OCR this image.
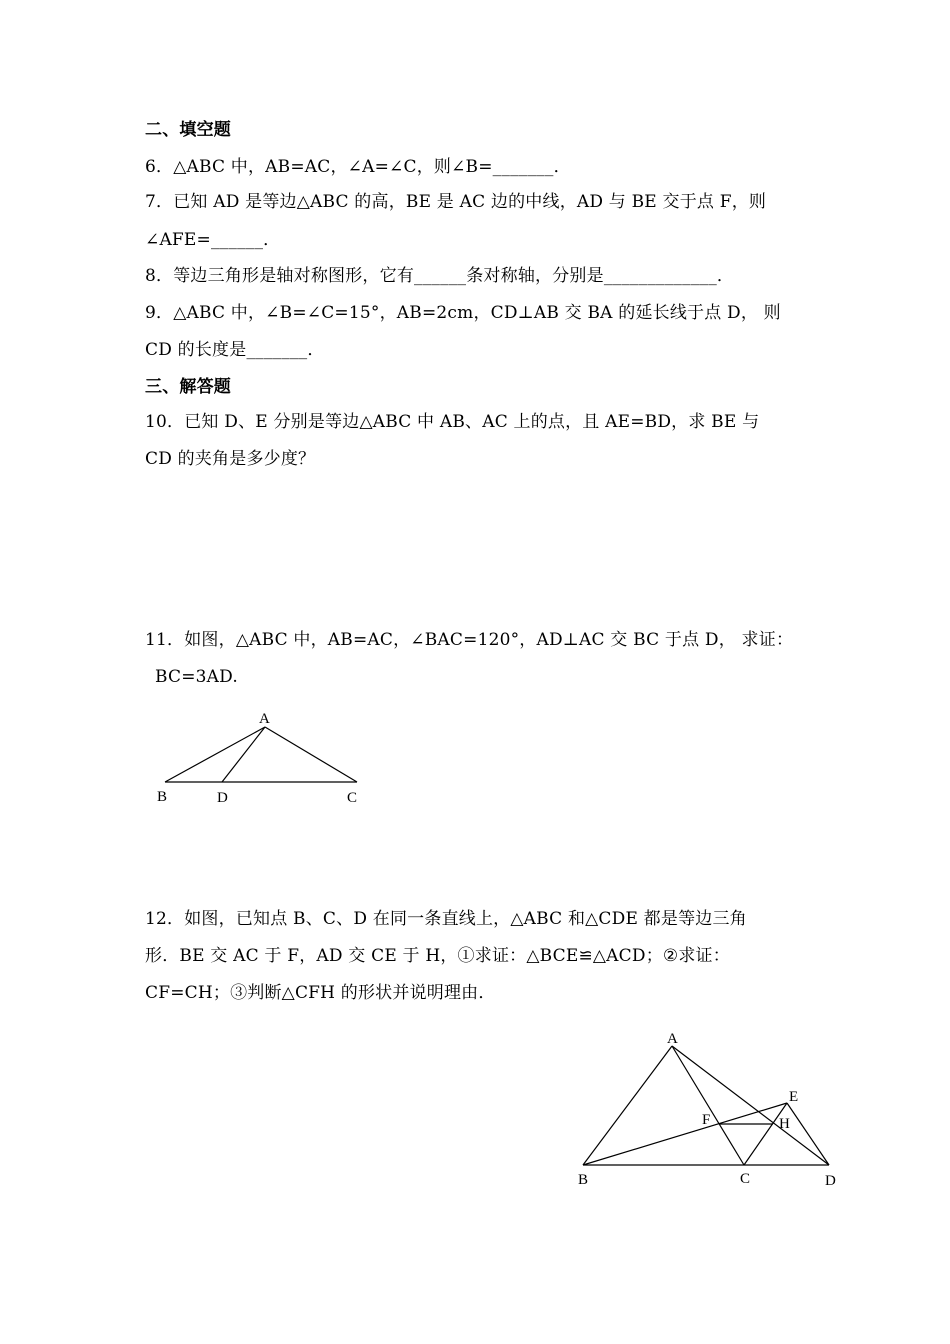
二、填空题
6．△ABC 中，AB=AC，∠A=∠C，则∠B=_______．
7．已知 AD 是等边△ABC 的高，BE 是 AC 边的中线，AD 与 BE 交于点 F，则
∠AFE=______．
8．等边三角形是轴对称图形，它有______条对称轴，分别是_____________．
9．△ABC 中，∠B=∠C=15°，AB=2cm，CD⊥AB 交 BA 的延长线于点 D， 则
CD 的长度是_______．
三、解答题
10．已知 D、E 分别是等边△ABC 中 AB、AC 上的点，且 AE=BD，求 BE 与
CD 的夹角是多少度？
11．如图，△ABC 中，AB=AC，∠BAC=120°，AD⊥AC 交 BC 于点 D， 求证：
BC=3AD.
A
B	D	C
12．如图，已知点 B、C、D 在同一条直线上，△ABC 和△CDE 都是等边三角
形．BE 交 AC 于 F，AD 交 CE 于 H，①求证：△BCE≌△ACD；②求证：
CF=CH；③判断△CFH 的形状并说明理由．
A
E
F	H
B	C	D
